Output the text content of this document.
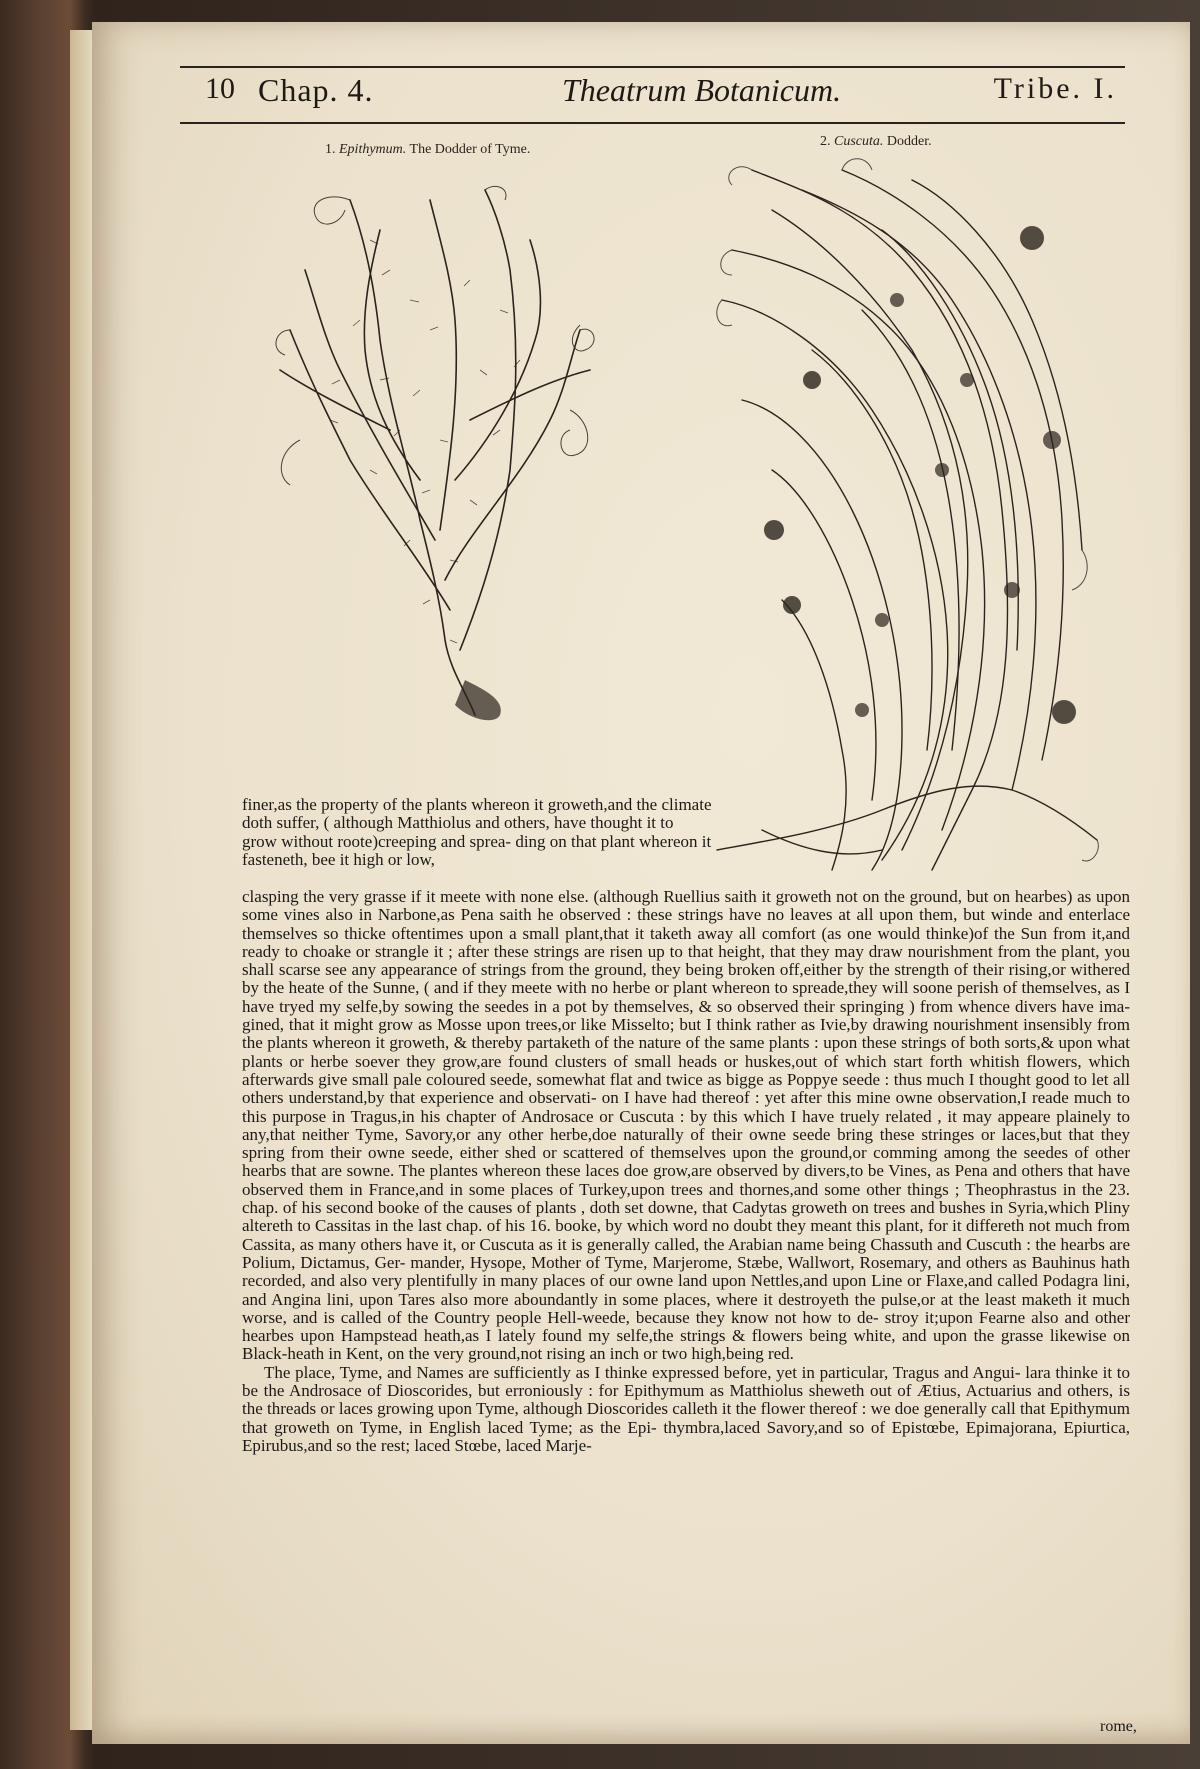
10 Chap. 4.	Theatrum Botanicum.	Tribe. I.
1. Epithymum. The Dodder of Tyme.
2. Cuscuta. Dodder.

finer,as the property of the plants whereon it groweth,and the climate doth suffer, ( although Matthiolus and others, have thought it to grow without roote)creeping and sprea- ding on that plant whereon it fasteneth, bee it high or low,

clasping the very grasse if it meete with none else. (although Ruellius saith it groweth not on the ground, but on hearbes) as upon some vines also in Narbone,as Pena saith he observed : these strings have no leaves at all upon them, but winde and enterlace themselves so thicke oftentimes upon a small plant,that it taketh away all comfort (as one would thinke)of the Sun from it,and ready to choake or strangle it ; after these strings are risen up to that height, that they may draw nourishment from the plant, you shall scarse see any appearance of strings from the ground, they being broken off,either by the strength of their rising,or withered by the heate of the Sunne, ( and if they meete with no herbe or plant whereon to spreade,they will soone perish of themselves, as I have tryed my selfe,by sowing the seedes in a pot by themselves, & so observed their springing ) from whence divers have ima- gined, that it might grow as Mosse upon trees,or like Misselto; but I think rather as Ivie,by drawing nourishment insensibly from the plants whereon it groweth, & thereby partaketh of the nature of the same plants : upon these strings of both sorts,& upon what plants or herbe soever they grow,are found clusters of small heads or huskes,out of which start forth whitish flowers, which afterwards give small pale coloured seede, somewhat flat and twice as bigge as Poppye seede : thus much I thought good to let all others understand,by that experience and observati- on I have had thereof : yet after this mine owne observation,I reade much to this purpose in Tragus,in his chapter of Androsace or Cuscuta : by this which I have truely related , it may appeare plainely to any,that neither Tyme, Savory,or any other herbe,doe naturally of their owne seede bring these stringes or laces,but that they spring from their owne seede, either shed or scattered of themselves upon the ground,or comming among the seedes of other hearbs that are sowne. The plantes whereon these laces doe grow,are observed by divers,to be Vines, as Pena and others that have observed them in France,and in some places of Turkey,upon trees and thornes,and some other things ; Theophrastus in the 23. chap. of his second booke of the causes of plants , doth set downe, that Cadytas groweth on trees and bushes in Syria,which Pliny altereth to Cassitas in the last chap. of his 16. booke, by which word no doubt they meant this plant, for it differeth not much from Cassita, as many others have it, or Cuscuta as it is generally called, the Arabian name being Chassuth and Cuscuth : the hearbs are Polium, Dictamus, Ger- mander, Hysope, Mother of Tyme, Marjerome, Stæbe, Wallwort, Rosemary, and others as Bauhinus hath recorded, and also very plentifully in many places of our owne land upon Nettles,and upon Line or Flaxe,and called Podagra lini, and Angina lini, upon Tares also more aboundantly in some places, where it destroyeth the pulse,or at the least maketh it much worse, and is called of the Country people Hell-weede, because they know not how to de- stroy it;upon Fearne also and other hearbes upon Hampstead heath,as I lately found my selfe,the strings & flowers being white, and upon the grasse likewise on Black-heath in Kent, on the very ground,not rising an inch or two high,being red.

The place, Tyme, and Names are sufficiently as I thinke expressed before, yet in particular, Tragus and Angui- lara thinke it to be the Androsace of Dioscorides, but erroniously : for Epithymum as Matthiolus sheweth out of Ætius, Actuarius and others, is the threads or laces growing upon Tyme, although Dioscorides calleth it the flower thereof : we doe generally call that Epithymum that groweth on Tyme, in English laced Tyme; as the Epi- thymbra,laced Savory,and so of Epistœbe, Epimajorana, Epiurtica, Epirubus,and so the rest; laced Stœbe, laced Marje-

rome,
